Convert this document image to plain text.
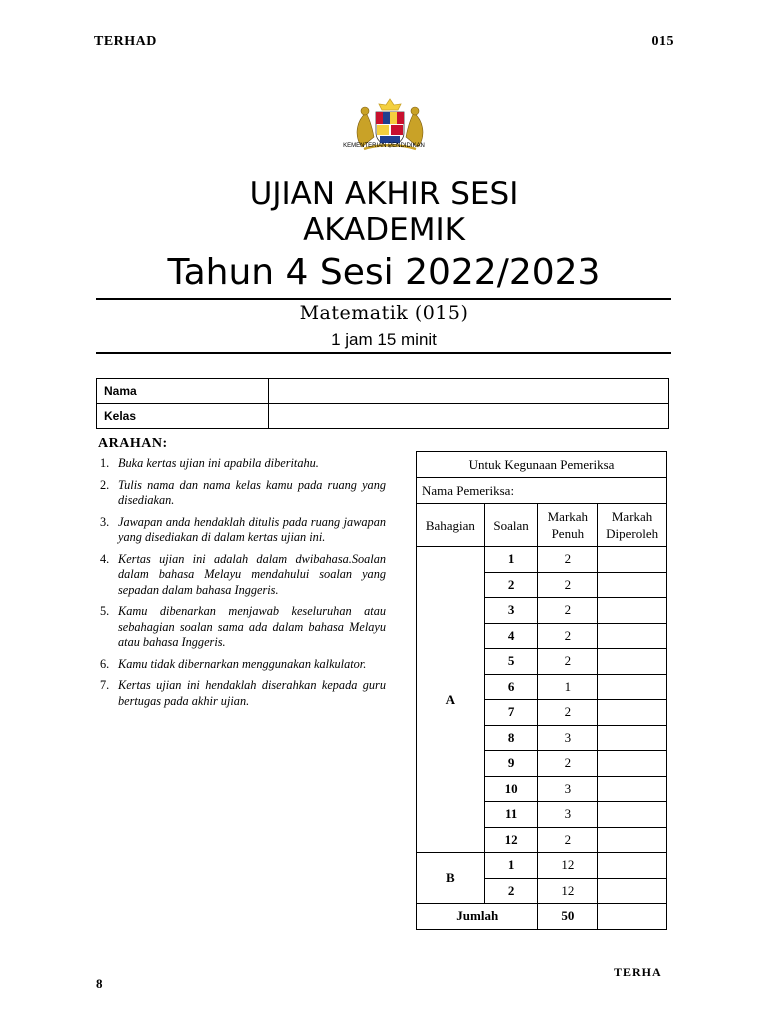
TERHAD	015
KEMENTERIAN PENDIDIKAN
UJIAN AKHIR SESI
AKADEMIK
Tahun 4 Sesi 2022/2023
Matematik (015)
1 jam 15 minit
Nama	
Kelas	
ARAHAN:
1. Buka kertas ujian ini apabila diberitahu.
2. Tulis nama dan nama kelas kamu pada ruang yang disediakan.
3. Jawapan anda hendaklah ditulis pada ruang jawapan yang disediakan di dalam kertas ujian ini.
4. Kertas ujian ini adalah dalam dwibahasa.Soalan dalam bahasa Melayu mendahului soalan yang sepadan dalam bahasa Inggeris.
5. Kamu dibenarkan menjawab keseluruhan atau sebahagian soalan sama ada dalam bahasa Melayu atau bahasa Inggeris.
6. Kamu tidak dibernarkan menggunakan kalkulator.
7. Kertas ujian ini hendaklah diserahkan kepada guru bertugas pada akhir ujian.
Untuk Kegunaan Pemeriksa			
Nama Pemeriksa:			
Bahagian	Soalan	Markah Penuh	Markah Diperoleh
A	1	2	
	2	2	
	3	2	
	4	2	
	5	2	
	6	1	
	7	2	
	8	3	
	9	2	
	10	3	
	11	3	
	12	2	
B	1	12	
	2	12	
Jumlah		50	
TERHA
8
